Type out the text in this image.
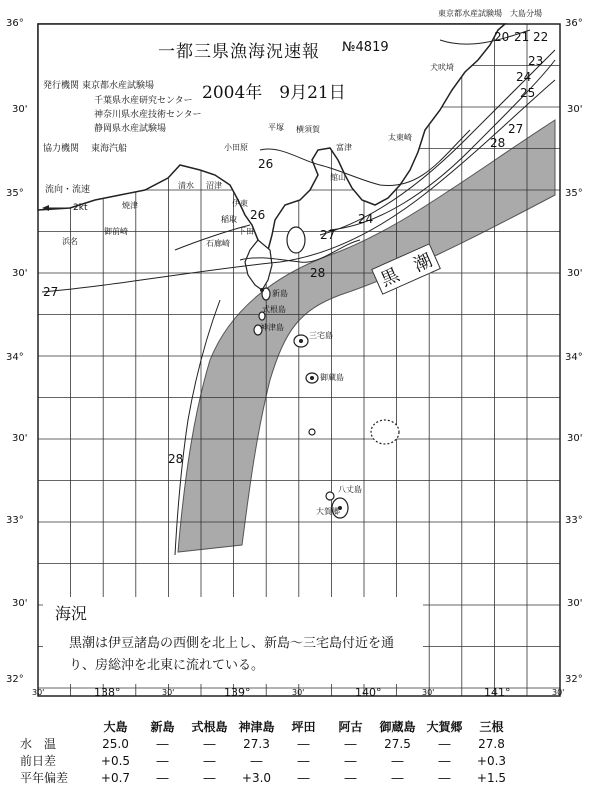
東京都水産試験場　大島分場
一都三県漁海況速報 №4819
2004年　9月21日
発行機関 東京都水産試験場
千葉県水産研究センター
神奈川県水産技術センター
静岡県水産試験場
協力機関 東海汽船
流向・流速
2kt
36°
30'
35°
30'
34°
30'
33°
30'
32°
36°
30'
35°
30'
34°
30'
33°
30'
32°
30'	138°	30'	139°	30'	140°	30'	141°	30'
20 21 22
23
24
25
27
28
26	24
26
27
27
28
28
黒　潮
犬吠埼
太東崎
平塚 横須賀
小田原	富津
館山
伊東
稲取
沼津
清水
焼津
御前崎
浜名
下田
石廊崎
新島
式根島
神津島
三宅島
御蔵島
八丈島
大賀郷
海況
黒潮は伊豆諸島の西側を北上し、新島～三宅島付近を通り、房総沖を北東に流れている。
	大島	新島	式根島	神津島	坪田	阿古	御蔵島	大賀郷	三根
水　温	25.0	―	―	27.3	―	―	27.5	―	27.8
前日差	+0.5	―	―	―	―	―	―	―	+0.3
平年偏差	+0.7	―	―	+3.0	―	―	―	―	+1.5
